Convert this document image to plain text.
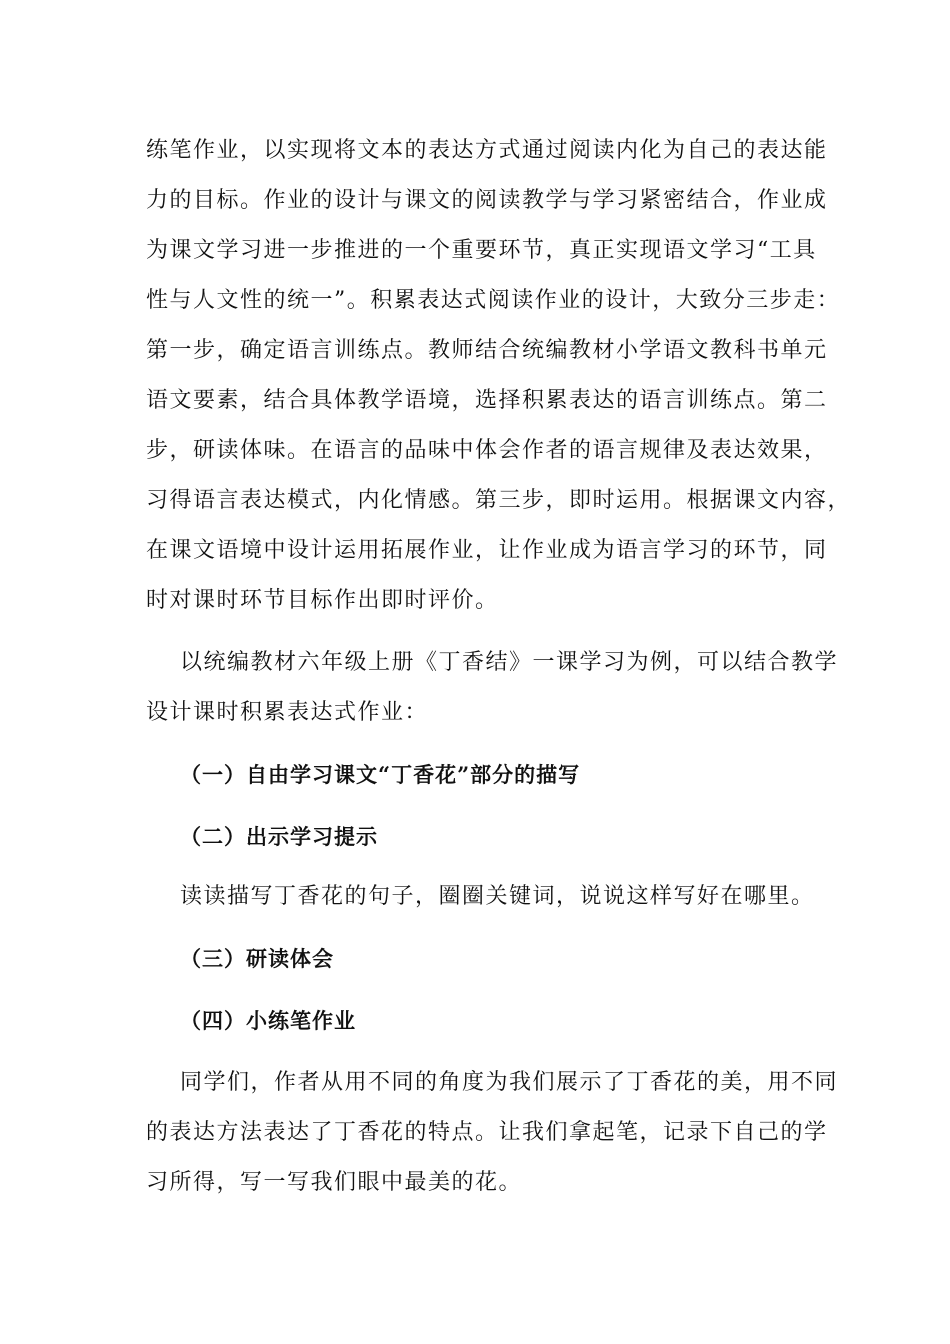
练笔作业，以实现将文本的表达方式通过阅读内化为自己的表达能
力的目标。作业的设计与课文的阅读教学与学习紧密结合，作业成
为课文学习进一步推进的一个重要环节，真正实现语文学习“工具
性与人文性的统一”。积累表达式阅读作业的设计，大致分三步走：
第一步，确定语言训练点。教师结合统编教材小学语文教科书单元
语文要素，结合具体教学语境，选择积累表达的语言训练点。第二
步，研读体味。在语言的品味中体会作者的语言规律及表达效果，
习得语言表达模式，内化情感。第三步，即时运用。根据课文内容，
在课文语境中设计运用拓展作业，让作业成为语言学习的环节，同
时对课时环节目标作出即时评价。
以统编教材六年级上册《丁香结》一课学习为例，可以结合教学
设计课时积累表达式作业：
（一）自由学习课文“丁香花”部分的描写
（二）出示学习提示
读读描写丁香花的句子，圈圈关键词，说说这样写好在哪里。
（三）研读体会
（四）小练笔作业
同学们，作者从用不同的角度为我们展示了丁香花的美，用不同
的表达方法表达了丁香花的特点。让我们拿起笔，记录下自己的学
习所得，写一写我们眼中最美的花。
